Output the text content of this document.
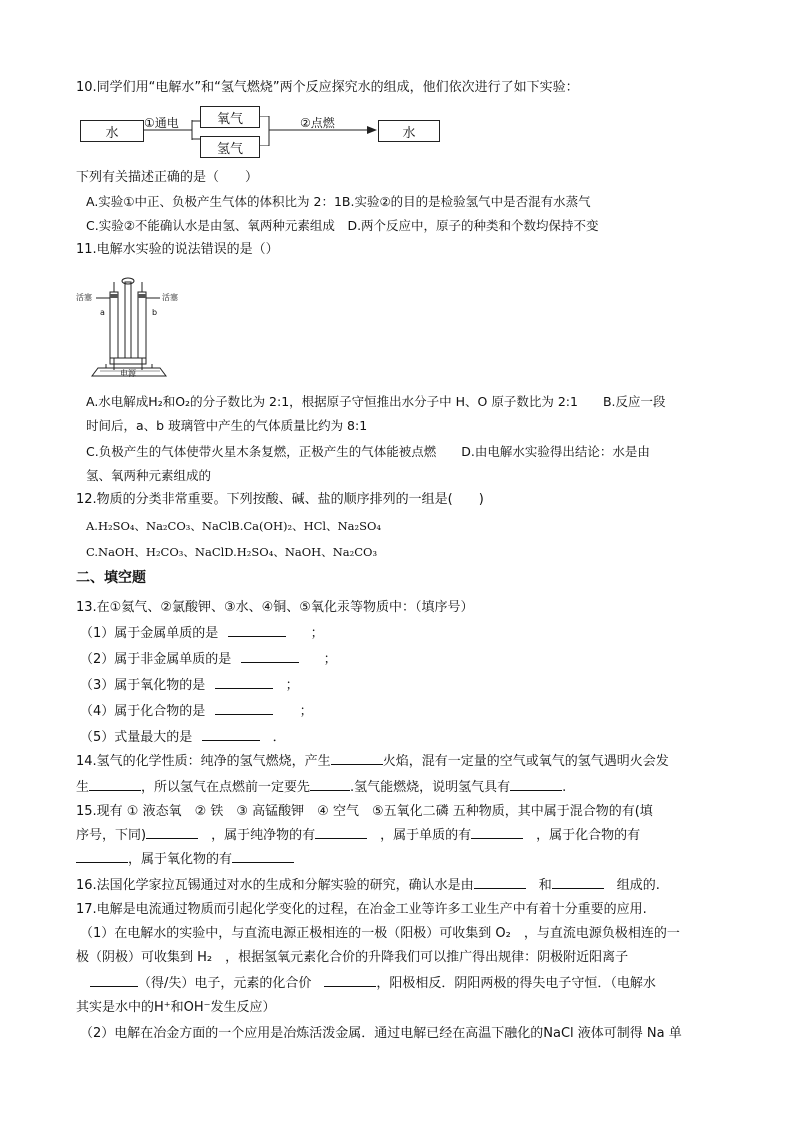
10.同学们用“电解水”和“氢气燃烧”两个反应探究水的组成，他们依次进行了如下实验：
水
①通电	氧气
氢气
②点燃
水
下列有关描述正确的是（　　）
A.实验①中正、负极产生气体的体积比为 2：1B.实验②的目的是检验氢气中是否混有水蒸气
C.实验②不能确认水是由氢、氧两种元素组成　 D.两个反应中，原子的种类和个数均保持不变
11.电解水实验的说法错误的是（）
活塞	活塞
a	b
电源
A.水电解成H₂和O₂的分子数比为 2:1，根据原子守恒推出水分子中 H、O 原子数比为 2:1　　 B.反应一段
时间后，a、b 玻璃管中产生的气体质量比约为 8:1
C.负极产生的气体使带火星木条复燃，正极产生的气体能被点燃　　 D.由电解水实验得出结论：水是由
氢、氧两种元素组成的
12.物质的分类非常重要。下列按酸、碱、盐的顺序排列的一组是(　　)
A.H₂SO₄、Na₂CO₃、NaClB.Ca(OH)₂、HCl、Na₂SO₄
C.NaOH、H₂CO₃、NaClD.H₂SO₄、NaOH、Na₂CO₃
二、填空题
13.在①氦气、②氯酸钾、③水、④铜、⑤氧化汞等物质中：（填序号）
（1）属于金属单质的是	；
（2）属于非金属单质的是	；
（3）属于氧化物的是	；
（4）属于化合物的是	；
（5）式量最大的是	．
14.氢气的化学性质：纯净的氢气燃烧，产生	火焰，混有一定量的空气或氧气的氢气遇明火会发
生	，所以氢气在点燃前一定要先	.氢气能燃烧，说明氢气具有	.
15.现有 ① 液态氧　② 铁　③ 高锰酸钾　④ 空气　⑤五氧化二磷 五种物质，其中属于混合物的有(填
序号，下同)　	，属于纯净物的有　	，属于单质的有　	，属于化合物的有
，属于氧化物的有
16.法国化学家拉瓦锡通过对水的生成和分解实验的研究，确认水是由　	和　	组成的.
17.电解是电流通过物质而引起化学变化的过程，在冶金工业等许多工业生产中有着十分重要的应用.
（1）在电解水的实验中，与直流电源正极相连的一极（阳极）可收集到 O₂　，与直流电源负极相连的一
极（阴极）可收集到 H₂　，根据氢氧元素化合价的升降我们可以推广得出规律：阴极附近阳离子
（得/失）电子，元素的化合价　	，阳极相反．阴阳两极的得失电子守恒．（电解水
其实是水中的H⁺和OH⁻发生反应）
（2）电解在冶金方面的一个应用是冶炼活泼金属．通过电解已经在高温下融化的NaCl 液体可制得 Na 单
